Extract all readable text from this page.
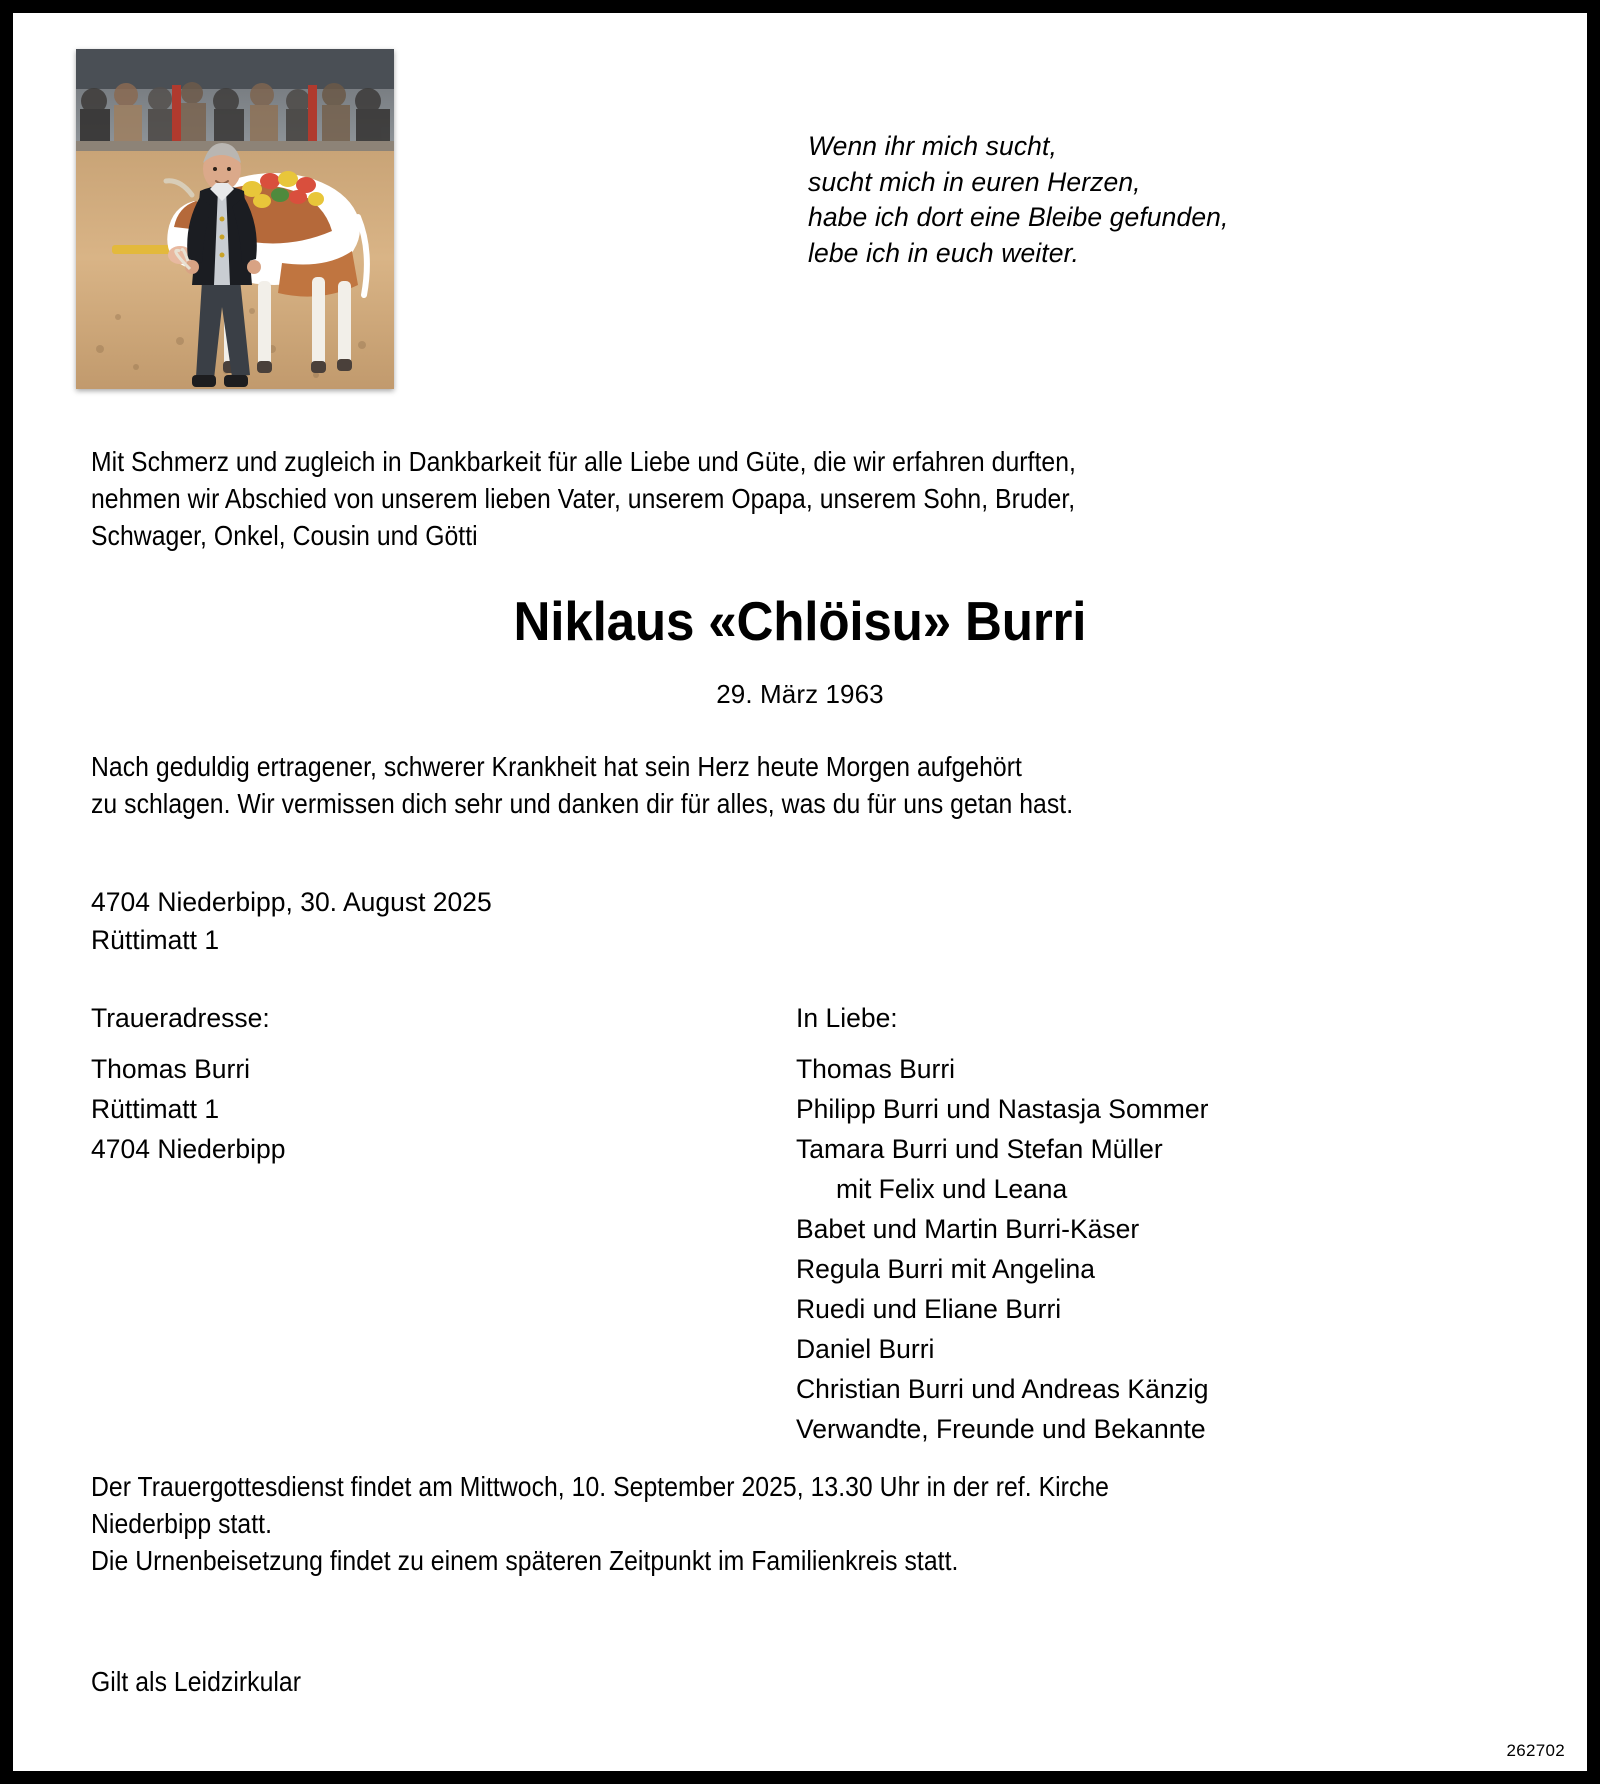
Wenn ihr mich sucht,
sucht mich in euren Herzen,
habe ich dort eine Bleibe gefunden,
lebe ich in euch weiter.
Mit Schmerz und zugleich in Dankbarkeit für alle Liebe und Güte, die wir erfahren durften,
nehmen wir Abschied von unserem lieben Vater, unserem Opapa, unserem Sohn, Bruder,
Schwager, Onkel, Cousin und Götti
Niklaus «Chlöisu» Burri
29. März 1963
Nach geduldig ertragener, schwerer Krankheit hat sein Herz heute Morgen aufgehört
zu schlagen. Wir vermissen dich sehr und danken dir für alles, was du für uns getan hast.
4704 Niederbipp, 30. August 2025
Rüttimatt 1
Traueradresse:
Thomas Burri
Rüttimatt 1
4704 Niederbipp
In Liebe:
Thomas Burri
Philipp Burri und Nastasja Sommer
Tamara Burri und Stefan Müller
mit Felix und Leana
Babet und Martin Burri-Käser
Regula Burri mit Angelina
Ruedi und Eliane Burri
Daniel Burri
Christian Burri und Andreas Känzig
Verwandte, Freunde und Bekannte
Der Trauergottesdienst findet am Mittwoch, 10. September 2025, 13.30 Uhr in der ref. Kirche
Niederbipp statt.
Die Urnenbeisetzung findet zu einem späteren Zeitpunkt im Familienkreis statt.
Gilt als Leidzirkular
262702
